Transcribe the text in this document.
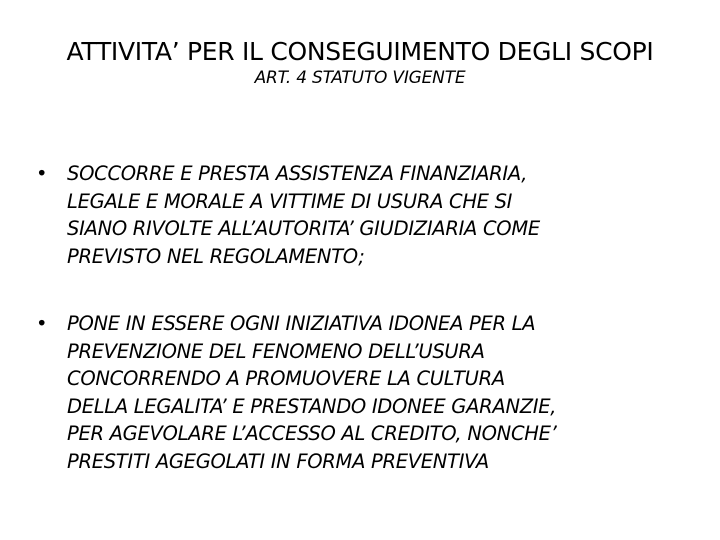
ATTIVITA’ PER IL CONSEGUIMENTO DEGLI SCOPI
ART. 4 STATUTO VIGENTE
• SOCCORRE E PRESTA ASSISTENZA FINANZIARIA,
LEGALE E MORALE A VITTIME DI USURA CHE SI
SIANO RIVOLTE ALL’AUTORITA’ GIUDIZIARIA COME
PREVISTO NEL REGOLAMENTO;
• PONE IN ESSERE OGNI INIZIATIVA IDONEA PER LA
PREVENZIONE DEL FENOMENO DELL’USURA
CONCORRENDO A PROMUOVERE LA CULTURA
DELLA LEGALITA’ E PRESTANDO IDONEE GARANZIE,
PER AGEVOLARE L’ACCESSO AL CREDITO, NONCHE’
PRESTITI AGEGOLATI IN FORMA PREVENTIVA
